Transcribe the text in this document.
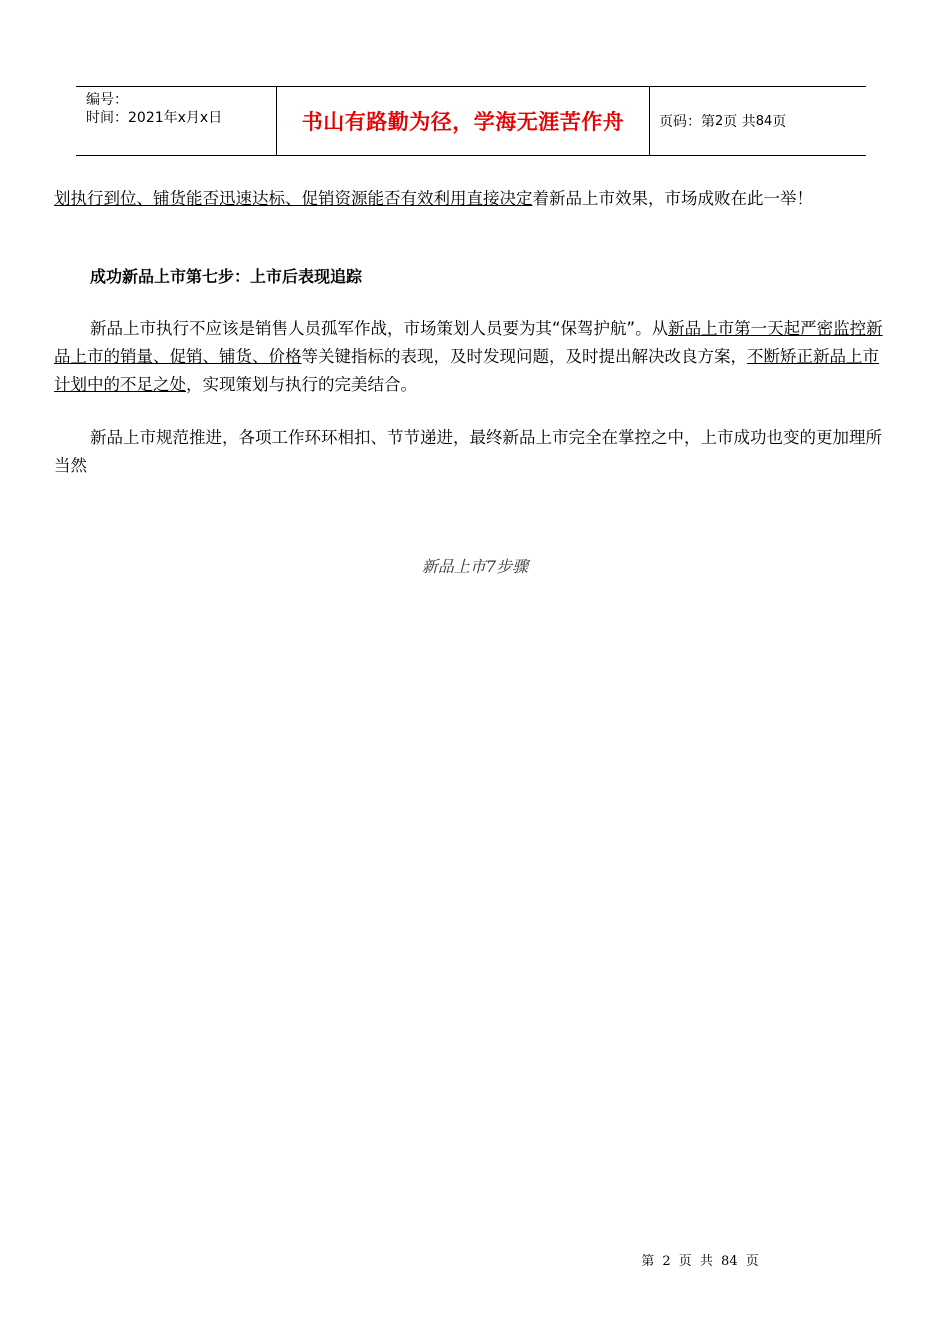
编号：
时间：2021年x月x日	书山有路勤为径，学海无涯苦作舟	页码：第 2 页 共 84 页
划执行到位、铺货能否迅速达标、促销资源能否有效利用直接决定着新品上市效果，市场成败在此一举！
成功新品上市第七步：上市后表现追踪
新品上市执行不应该是销售人员孤军作战，市场策划人员要为其“保驾护航”。从新品上市第一天起严密监控新品上市的销量、促销、铺货、价格等关键指标的表现，及时发现问题，及时提出解决改良方案，不断矫正新品上市计划中的不足之处，实现策划与执行的完美结合。
新品上市规范推进，各项工作环环相扣、节节递进，最终新品上市完全在掌控之中，上市成功也变的更加理所当然
新品上市7步骤
第 2 页 共 84 页
